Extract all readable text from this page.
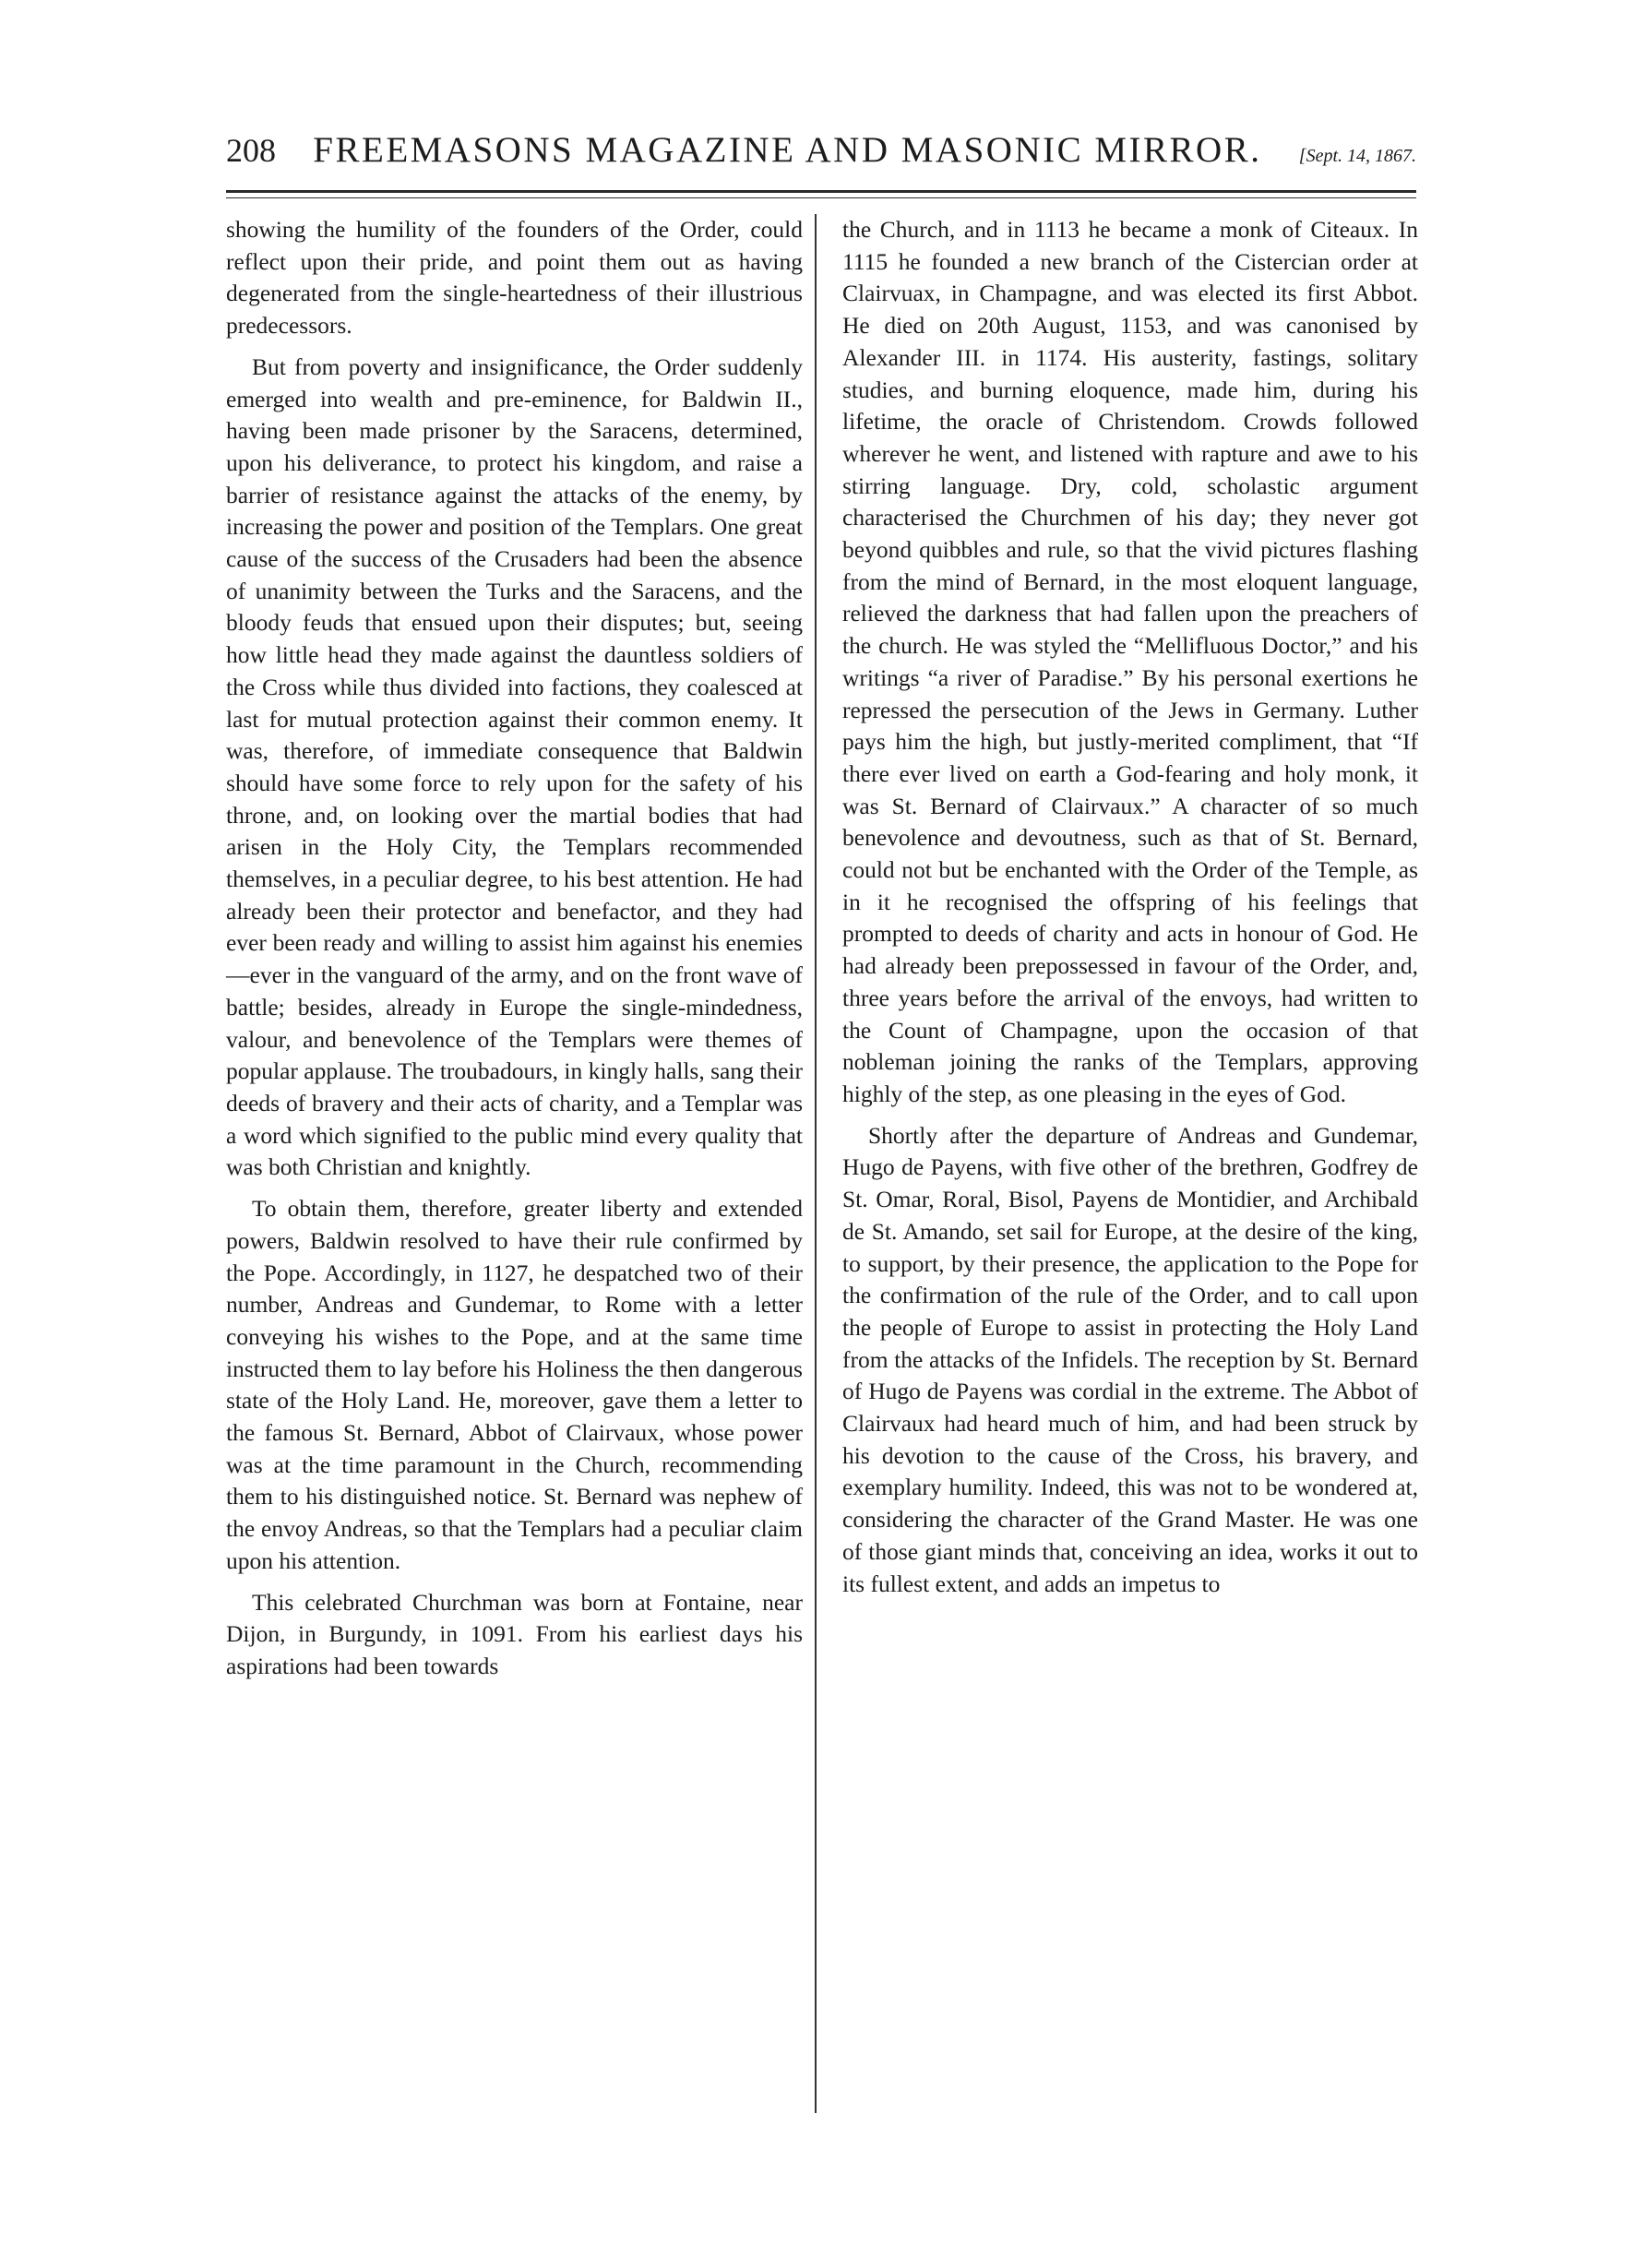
208 FREEMASONS MAGAZINE AND MASONIC MIRROR. [Sept. 14, 1867.

showing the humility of the founders of the Order, could reflect upon their pride, and point them out as having degenerated from the single-heartedness of their illustrious predecessors.

But from poverty and insignificance, the Order suddenly emerged into wealth and pre-eminence, for Baldwin II., having been made prisoner by the Saracens, determined, upon his deliverance, to protect his kingdom, and raise a barrier of resistance against the attacks of the enemy, by increasing the power and position of the Templars. One great cause of the success of the Crusaders had been the absence of unanimity between the Turks and the Saracens, and the bloody feuds that ensued upon their disputes; but, seeing how little head they made against the dauntless soldiers of the Cross while thus divided into factions, they coalesced at last for mutual protection against their common enemy. It was, therefore, of immediate consequence that Baldwin should have some force to rely upon for the safety of his throne, and, on looking over the martial bodies that had arisen in the Holy City, the Templars recommended themselves, in a peculiar degree, to his best attention. He had already been their protector and benefactor, and they had ever been ready and willing to assist him against his enemies—ever in the vanguard of the army, and on the front wave of battle; besides, already in Europe the single-mindedness, valour, and benevolence of the Templars were themes of popular applause. The troubadours, in kingly halls, sang their deeds of bravery and their acts of charity, and a Templar was a word which signified to the public mind every quality that was both Christian and knightly.

To obtain them, therefore, greater liberty and extended powers, Baldwin resolved to have their rule confirmed by the Pope. Accordingly, in 1127, he despatched two of their number, Andreas and Gundemar, to Rome with a letter conveying his wishes to the Pope, and at the same time instructed them to lay before his Holiness the then dangerous state of the Holy Land. He, moreover, gave them a letter to the famous St. Bernard, Abbot of Clairvaux, whose power was at the time paramount in the Church, recommending them to his distinguished notice. St. Bernard was nephew of the envoy Andreas, so that the Templars had a peculiar claim upon his attention.

This celebrated Churchman was born at Fontaine, near Dijon, in Burgundy, in 1091. From his earliest days his aspirations had been towards

the Church, and in 1113 he became a monk of Citeaux. In 1115 he founded a new branch of the Cistercian order at Clairvuax, in Champagne, and was elected its first Abbot. He died on 20th August, 1153, and was canonised by Alexander III. in 1174. His austerity, fastings, solitary studies, and burning eloquence, made him, during his lifetime, the oracle of Christendom. Crowds followed wherever he went, and listened with rapture and awe to his stirring language. Dry, cold, scholastic argument characterised the Churchmen of his day; they never got beyond quibbles and rule, so that the vivid pictures flashing from the mind of Bernard, in the most eloquent language, relieved the darkness that had fallen upon the preachers of the church. He was styled the “Mellifluous Doctor,” and his writings “a river of Paradise.” By his personal exertions he repressed the persecution of the Jews in Germany. Luther pays him the high, but justly-merited compliment, that “If there ever lived on earth a God-fearing and holy monk, it was St. Bernard of Clairvaux.” A character of so much benevolence and devoutness, such as that of St. Bernard, could not but be enchanted with the Order of the Temple, as in it he recognised the offspring of his feelings that prompted to deeds of charity and acts in honour of God. He had already been prepossessed in favour of the Order, and, three years before the arrival of the envoys, had written to the Count of Champagne, upon the occasion of that nobleman joining the ranks of the Templars, approving highly of the step, as one pleasing in the eyes of God.

Shortly after the departure of Andreas and Gundemar, Hugo de Payens, with five other of the brethren, Godfrey de St. Omar, Roral, Bisol, Payens de Montidier, and Archibald de St. Amando, set sail for Europe, at the desire of the king, to support, by their presence, the application to the Pope for the confirmation of the rule of the Order, and to call upon the people of Europe to assist in protecting the Holy Land from the attacks of the Infidels. The reception by St. Bernard of Hugo de Payens was cordial in the extreme. The Abbot of Clairvaux had heard much of him, and had been struck by his devotion to the cause of the Cross, his bravery, and exemplary humility. Indeed, this was not to be wondered at, considering the character of the Grand Master. He was one of those giant minds that, conceiving an idea, works it out to its fullest extent, and adds an impetus to
